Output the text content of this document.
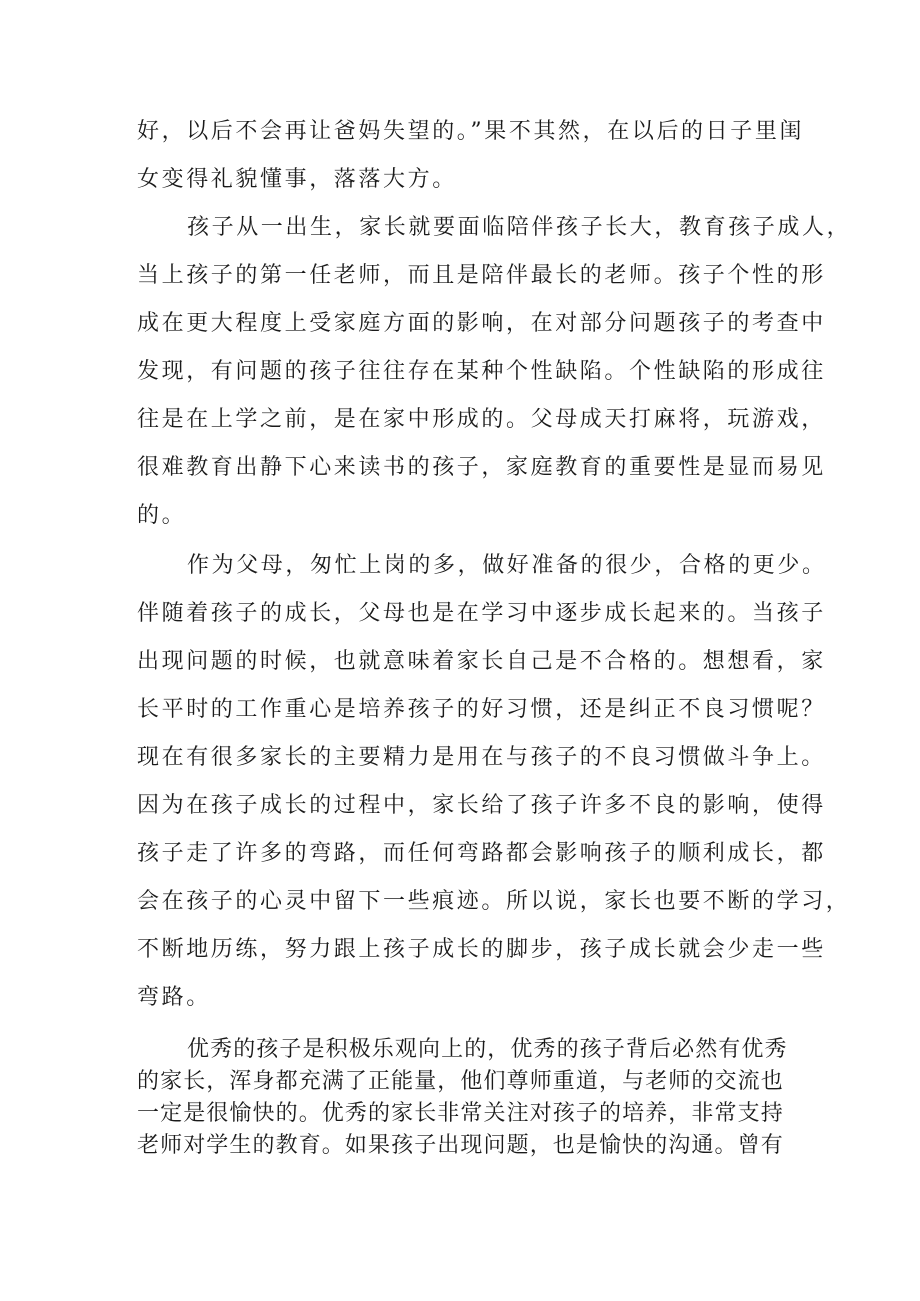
好，以后不会再让爸妈失望的。”果不其然，在以后的日子里闺
女变得礼貌懂事，落落大方。
孩子从一出生，家长就要面临陪伴孩子长大，教育孩子成人，
当上孩子的第一任老师，而且是陪伴最长的老师。孩子个性的形
成在更大程度上受家庭方面的影响，在对部分问题孩子的考查中
发现，有问题的孩子往往存在某种个性缺陷。个性缺陷的形成往
往是在上学之前，是在家中形成的。父母成天打麻将，玩游戏，
很难教育出静下心来读书的孩子，家庭教育的重要性是显而易见
的。
作为父母，匆忙上岗的多，做好准备的很少，合格的更少。
伴随着孩子的成长，父母也是在学习中逐步成长起来的。当孩子
出现问题的时候，也就意味着家长自己是不合格的。想想看，家
长平时的工作重心是培养孩子的好习惯，还是纠正不良习惯呢？
现在有很多家长的主要精力是用在与孩子的不良习惯做斗争上。
因为在孩子成长的过程中，家长给了孩子许多不良的影响，使得
孩子走了许多的弯路，而任何弯路都会影响孩子的顺利成长，都
会在孩子的心灵中留下一些痕迹。所以说，家长也要不断的学习，
不断地历练，努力跟上孩子成长的脚步，孩子成长就会少走一些
弯路。
优秀的孩子是积极乐观向上的，优秀的孩子背后必然有优秀
的家长，浑身都充满了正能量，他们尊师重道，与老师的交流也
一定是很愉快的。优秀的家长非常关注对孩子的培养，非常支持
老师对学生的教育。如果孩子出现问题，也是愉快的沟通。曾有
